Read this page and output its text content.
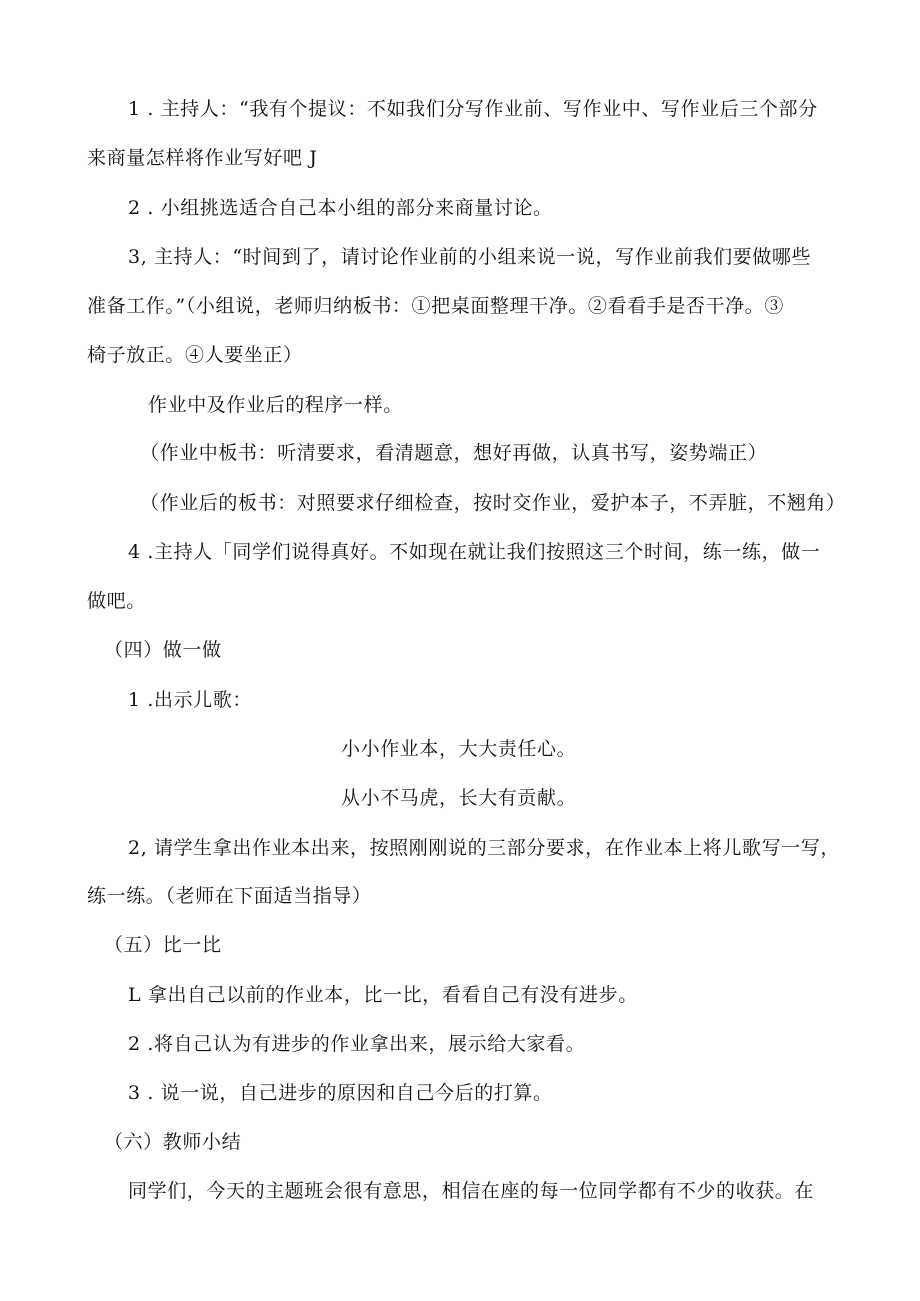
1 . 主持人：“我有个提议：不如我们分写作业前、写作业中、写作业后三个部分
来商量怎样将作业写好吧 J
2 . 小组挑选适合自己本小组的部分来商量讨论。
3, 主持人：“时间到了，请讨论作业前的小组来说一说，写作业前我们要做哪些
准备工作。”（小组说，老师归纳板书：①把桌面整理干净。②看看手是否干净。③
椅子放正。④人要坐正）
作业中及作业后的程序一样。
（作业中板书：听清要求，看清题意，想好再做，认真书写，姿势端正）
（作业后的板书：对照要求仔细检查，按时交作业，爱护本子，不弄脏，不翘角）
4 .主持人「同学们说得真好。不如现在就让我们按照这三个时间，练一练，做一
做吧。
（四）做一做
1 .出示儿歌：
小小作业本，大大责任心。
从小不马虎，长大有贡献。
2, 请学生拿出作业本出来，按照刚刚说的三部分要求，在作业本上将儿歌写一写，
练一练。（老师在下面适当指导）
（五）比一比
L 拿出自己以前的作业本，比一比，看看自己有没有进步。
2 .将自己认为有进步的作业拿出来，展示给大家看。
3 . 说一说，自己进步的原因和自己今后的打算。
（六）教师小结
同学们，今天的主题班会很有意思，相信在座的每一位同学都有不少的收获。在
